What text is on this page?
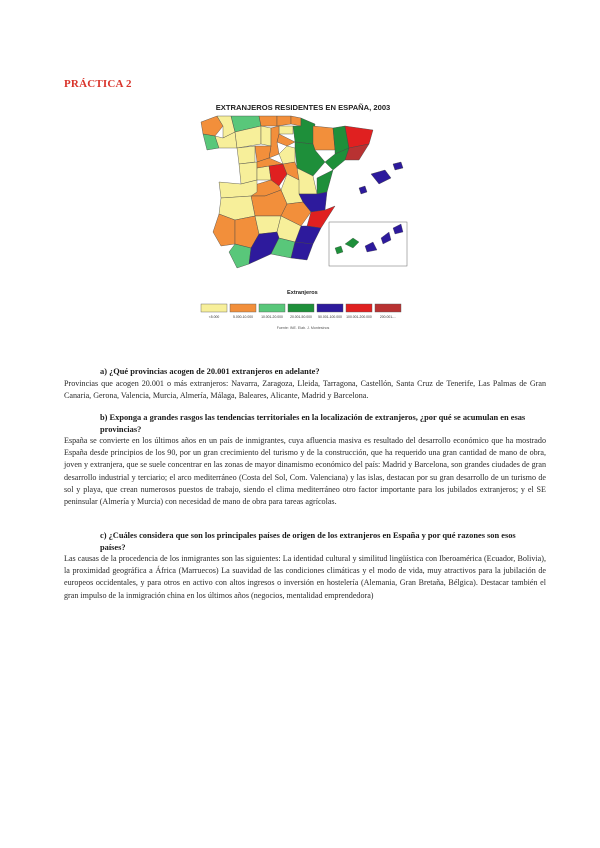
PRÁCTICA 2
EXTRANJEROS RESIDENTES EN ESPAÑA, 2003
Extranjeros
<5.000	5.000-10.000 10.001-20.000 20.001-50.000 50.001-100.000 100.001-200.000 200.001-...
Fuente: INE. Elab. J. Montesinos
a) ¿Qué provincias acogen de 20.001 extranjeros en adelante?
Provincias que acogen 20.001 o más extranjeros: Navarra, Zaragoza, Lleida, Tarragona, Castellón, Santa Cruz de Tenerife, Las Palmas de Gran Canaria, Gerona, Valencia, Murcia, Almería, Málaga, Baleares, Alicante, Madrid y Barcelona.
b) Exponga a grandes rasgos las tendencias territoriales en la localización de extranjeros, ¿por qué se acumulan en esas provincias?
España se convierte en los últimos años en un país de inmigrantes, cuya afluencia masiva es resultado del desarrollo económico que ha mostrado España desde principios de los 90, por un gran crecimiento del turismo y de la construcción, que ha requerido una gran cantidad de mano de obra, joven y extranjera, que se suele concentrar en las zonas de mayor dinamismo económico del país: Madrid y Barcelona, son grandes ciudades de gran desarrollo industrial y terciario; el arco mediterráneo (Costa del Sol, Com. Valenciana) y las islas, destacan por su gran desarrollo de un turismo de sol y playa, que crean numerosos puestos de trabajo, siendo el clima mediterráneo otro factor importante para los jubilados extranjeros; y el SE peninsular (Almería y Murcia) con necesidad de mano de obra para tareas agrícolas.
c) ¿Cuáles considera que son los principales países de origen de los extranjeros en España y por qué razones son esos países?
Las causas de la procedencia de los inmigrantes son las siguientes: La identidad cultural y similitud lingüística con Iberoamérica (Ecuador, Bolivia), la proximidad geográfica a África (Marruecos) La suavidad de las condiciones climáticas y el modo de vida, muy atractivos para la jubilación de europeos occidentales, y para otros en activo con altos ingresos o inversión en hostelería (Alemania, Gran Bretaña, Bélgica). Destacar también el gran impulso de la inmigración china en los últimos años (negocios, mentalidad emprendedora)
